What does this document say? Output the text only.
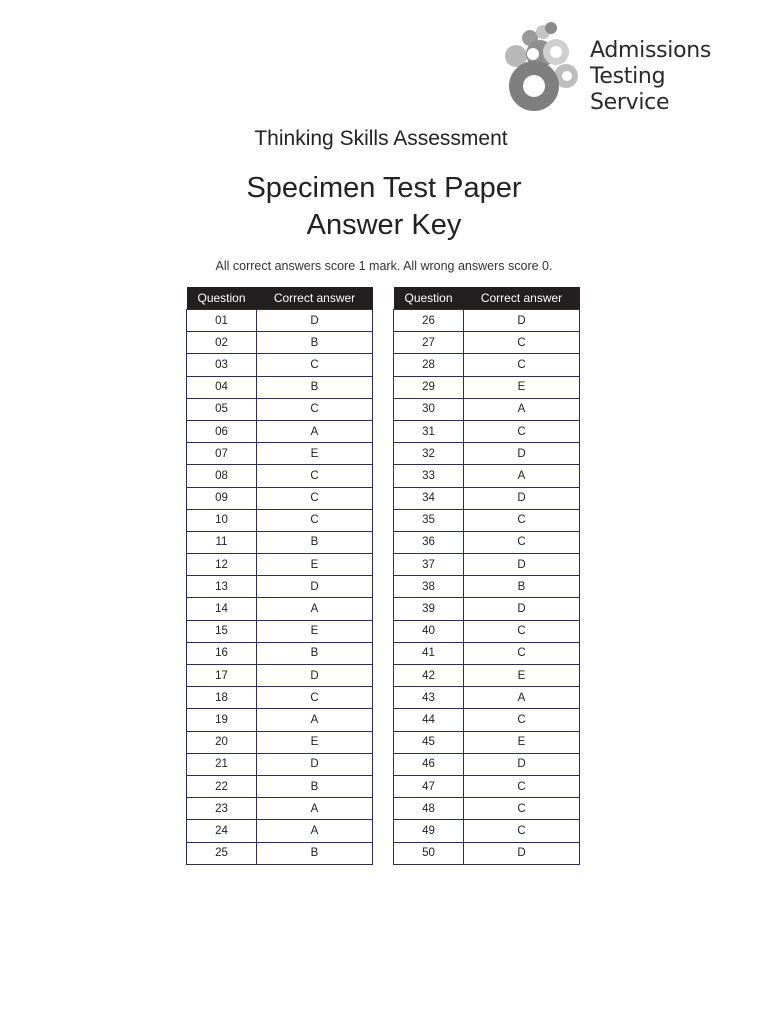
Admissions
Testing Service
Thinking Skills Assessment
Specimen Test Paper
Answer Key
All correct answers score 1 mark. All wrong answers score 0.
Question	Correct answer
01	D
02	B
03	C
04	B
05	C
06	A
07	E
08	C
09	C
10	C
11	B
12	E
13	D
14	A
15	E
16	B
17	D
18	C
19	A
20	E
21	D
22	B
23	A
24	A
25	B
Question	Correct answer
26	D
27	C
28	C
29	E
30	A
31	C
32	D
33	A
34	D
35	C
36	C
37	D
38	B
39	D
40	C
41	C
42	E
43	A
44	C
45	E
46	D
47	C
48	C
49	C
50	D
